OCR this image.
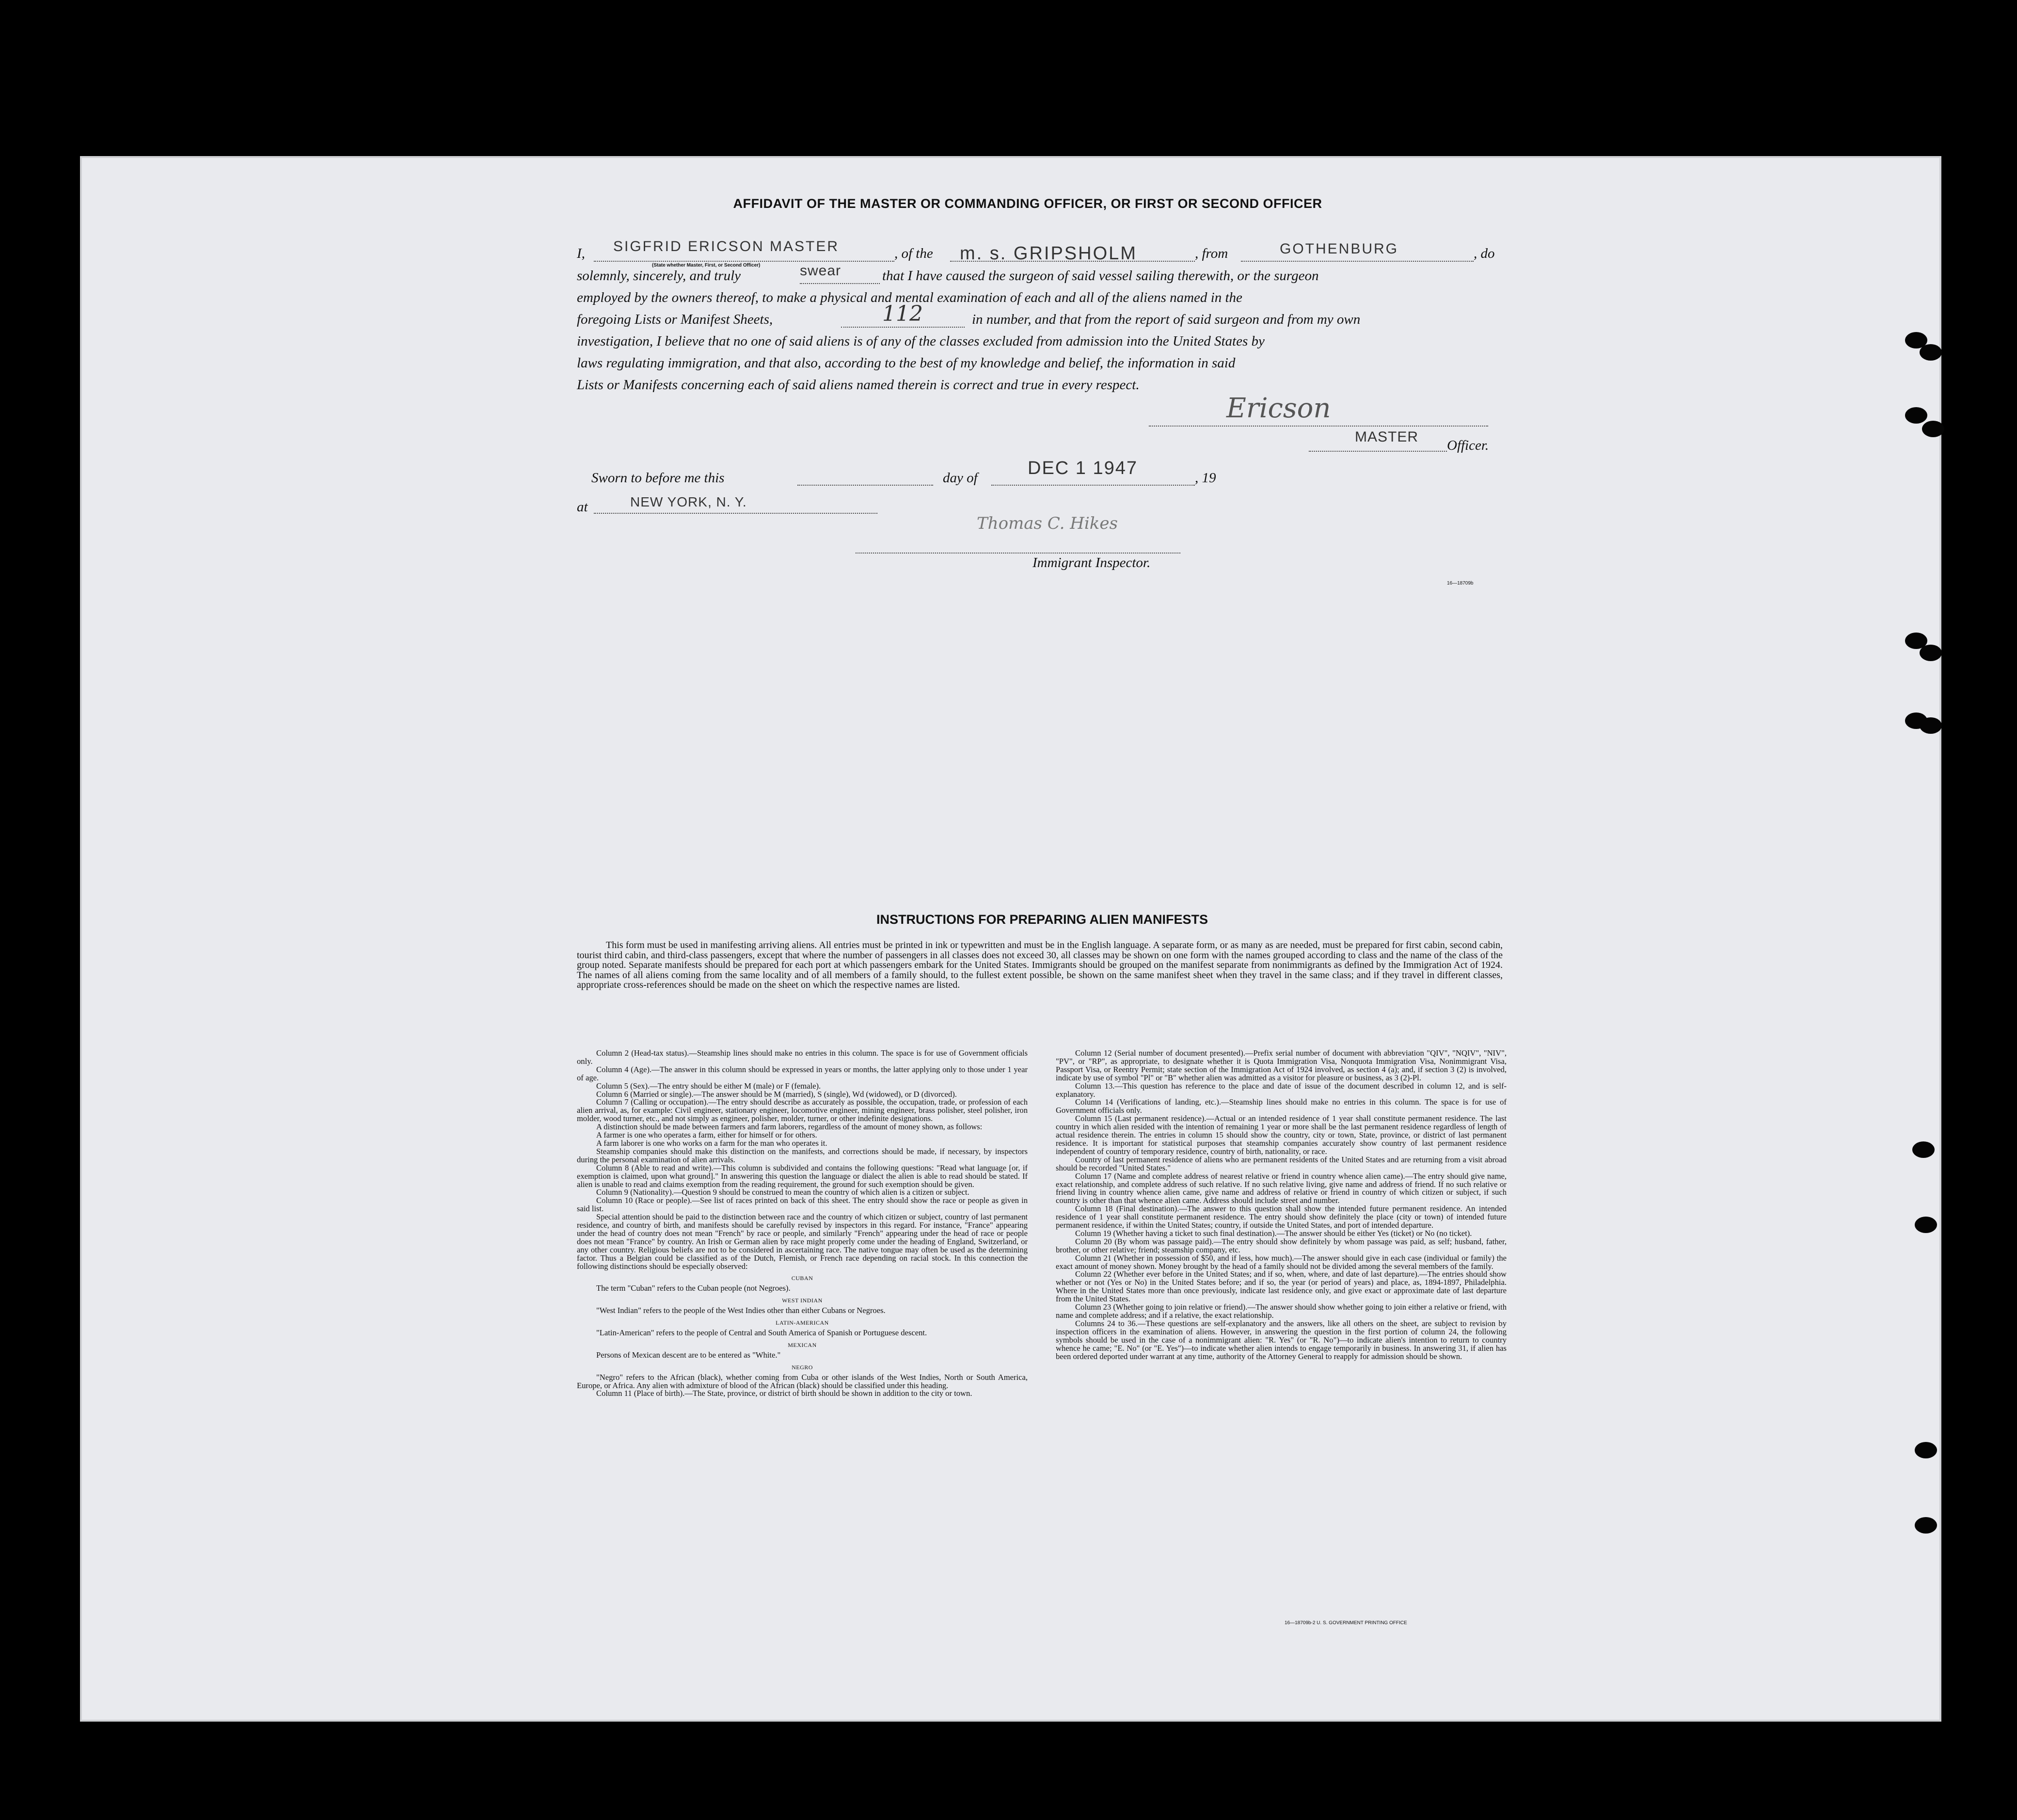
AFFIDAVIT OF THE MASTER OR COMMANDING OFFICER, OR FIRST OR SECOND OFFICER
I, SIGFRID ERICSON MASTER
(State whether Master, First, or Second Officer)
, of the m. s. GRIPSHOLM	, from	GOTHENBURG	, do
solemnly, sincerely, and truly	swear	that I have caused the surgeon of said vessel sailing therewith, or the surgeon
employed by the owners thereof, to make a physical and mental examination of each and all of the aliens named in the
foregoing Lists or Manifest Sheets,	112	in number, and that from the report of said surgeon and from my own
investigation, I believe that no one of said aliens is of any of the classes excluded from admission into the United States by
laws regulating immigration, and that also, according to the best of my knowledge and belief, the information in said
Lists or Manifests concerning each of said aliens named therein is correct and true in every respect.
Ericson
MASTER
Officer.
Sworn to before me this	day of	DEC 1 1947	, 19
at	NEW YORK, N. Y.
Thomas C. Hikes
Immigrant Inspector.
16—18709b
INSTRUCTIONS FOR PREPARING ALIEN MANIFESTS
This form must be used in manifesting arriving aliens. All entries must be printed in ink or typewritten and must be in the English language. A separate form, or as many as are needed, must be prepared for first cabin, second cabin, tourist third cabin, and third-class passengers, except that where the number of passengers in all classes does not exceed 30, all classes may be shown on one form with the names grouped according to class and the name of the class of the group noted. Separate manifests should be prepared for each port at which passengers embark for the United States. Immigrants should be grouped on the manifest separate from nonimmigrants as defined by the Immigration Act of 1924. The names of all aliens coming from the same locality and of all members of a family should, to the fullest extent possible, be shown on the same manifest sheet when they travel in the same class; and if they travel in different classes, appropriate cross-references should be made on the sheet on which the respective names are listed.

Column 2 (Head-tax status).—Steamship lines should make no entries in this column. The space is for use of Government officials only.

Column 4 (Age).—The answer in this column should be expressed in years or months, the latter applying only to those under 1 year of age.

Column 5 (Sex).—The entry should be either M (male) or F (female).

Column 6 (Married or single).—The answer should be M (married), S (single), Wd (widowed), or D (divorced).

Column 7 (Calling or occupation).—The entry should describe as accurately as possible, the occupation, trade, or profession of each alien arrival, as, for example: Civil engineer, stationary engineer, locomotive engineer, mining engineer, brass polisher, steel polisher, iron molder, wood turner, etc., and not simply as engineer, polisher, molder, turner, or other indefinite designations.

A distinction should be made between farmers and farm laborers, regardless of the amount of money shown, as follows:

A farmer is one who operates a farm, either for himself or for others.

A farm laborer is one who works on a farm for the man who operates it.

Steamship companies should make this distinction on the manifests, and corrections should be made, if necessary, by inspectors during the personal examination of alien arrivals.

Column 8 (Able to read and write).—This column is subdivided and contains the following questions: "Read what language [or, if exemption is claimed, upon what ground]." In answering this question the language or dialect the alien is able to read should be stated. If alien is unable to read and claims exemption from the reading requirement, the ground for such exemption should be given.

Column 9 (Nationality).—Question 9 should be construed to mean the country of which alien is a citizen or subject.

Column 10 (Race or people).—See list of races printed on back of this sheet. The entry should show the race or people as given in said list.

Special attention should be paid to the distinction between race and the country of which citizen or subject, country of last permanent residence, and country of birth, and manifests should be carefully revised by inspectors in this regard. For instance, "France" appearing under the head of country does not mean "French" by race or people, and similarly "French" appearing under the head of race or people does not mean "France" by country. An Irish or German alien by race might properly come under the heading of England, Switzerland, or any other country. Religious beliefs are not to be considered in ascertaining race. The native tongue may often be used as the determining factor. Thus a Belgian could be classified as of the Dutch, Flemish, or French race depending on racial stock. In this connection the following distinctions should be especially observed:

CUBAN

The term "Cuban" refers to the Cuban people (not Negroes).

WEST INDIAN

"West Indian" refers to the people of the West Indies other than either Cubans or Negroes.

LATIN-AMERICAN

"Latin-American" refers to the people of Central and South America of Spanish or Portuguese descent.

MEXICAN

Persons of Mexican descent are to be entered as "White."

NEGRO

"Negro" refers to the African (black), whether coming from Cuba or other islands of the West Indies, North or South America, Europe, or Africa. Any alien with admixture of blood of the African (black) should be classified under this heading.

Column 11 (Place of birth).—The State, province, or district of birth should be shown in addition to the city or town.

Column 12 (Serial number of document presented).—Prefix serial number of document with abbreviation "QIV", "NQIV", "NIV", "PV", or "RP", as appropriate, to designate whether it is Quota Immigration Visa, Nonquota Immigration Visa, Nonimmigrant Visa, Passport Visa, or Reentry Permit; state section of the Immigration Act of 1924 involved, as section 4 (a); and, if section 3 (2) is involved, indicate by use of symbol "Pl" or "B" whether alien was admitted as a visitor for pleasure or business, as 3 (2)-Pl.

Column 13.—This question has reference to the place and date of issue of the document described in column 12, and is self-explanatory.

Column 14 (Verifications of landing, etc.).—Steamship lines should make no entries in this column. The space is for use of Government officials only.

Column 15 (Last permanent residence).—Actual or an intended residence of 1 year shall constitute permanent residence. The last country in which alien resided with the intention of remaining 1 year or more shall be the last permanent residence regardless of length of actual residence therein. The entries in column 15 should show the country, city or town, State, province, or district of last permanent residence. It is important for statistical purposes that steamship companies accurately show country of last permanent residence independent of country of temporary residence, country of birth, nationality, or race.

Country of last permanent residence of aliens who are permanent residents of the United States and are returning from a visit abroad should be recorded "United States."

Column 17 (Name and complete address of nearest relative or friend in country whence alien came).—The entry should give name, exact relationship, and complete address of such relative. If no such relative living, give name and address of friend. If no such relative or friend living in country whence alien came, give name and address of relative or friend in country of which citizen or subject, if such country is other than that whence alien came. Address should include street and number.

Column 18 (Final destination).—The answer to this question shall show the intended future permanent residence. An intended residence of 1 year shall constitute permanent residence. The entry should show definitely the place (city or town) of intended future permanent residence, if within the United States; country, if outside the United States, and port of intended departure.

Column 19 (Whether having a ticket to such final destination).—The answer should be either Yes (ticket) or No (no ticket).

Column 20 (By whom was passage paid).—The entry should show definitely by whom passage was paid, as self; husband, father, brother, or other relative; friend; steamship company, etc.

Column 21 (Whether in possession of $50, and if less, how much).—The answer should give in each case (individual or family) the exact amount of money shown. Money brought by the head of a family should not be divided among the several members of the family.

Column 22 (Whether ever before in the United States; and if so, when, where, and date of last departure).—The entries should show whether or not (Yes or No) in the United States before; and if so, the year (or period of years) and place, as, 1894-1897, Philadelphia. Where in the United States more than once previously, indicate last residence only, and give exact or approximate date of last departure from the United States.

Column 23 (Whether going to join relative or friend).—The answer should show whether going to join either a relative or friend, with name and complete address; and if a relative, the exact relationship.

Columns 24 to 36.—These questions are self-explanatory and the answers, like all others on the sheet, are subject to revision by inspection officers in the examination of aliens. However, in answering the question in the first portion of column 24, the following symbols should be used in the case of a nonimmigrant alien: "R. Yes" (or "R. No")—to indicate alien's intention to return to country whence he came; "E. No" (or "E. Yes")—to indicate whether alien intends to engage temporarily in business. In answering 31, if alien has been ordered deported under warrant at any time, authority of the Attorney General to reapply for admission should be shown.

16—18709b-2 U. S. GOVERNMENT PRINTING OFFICE
